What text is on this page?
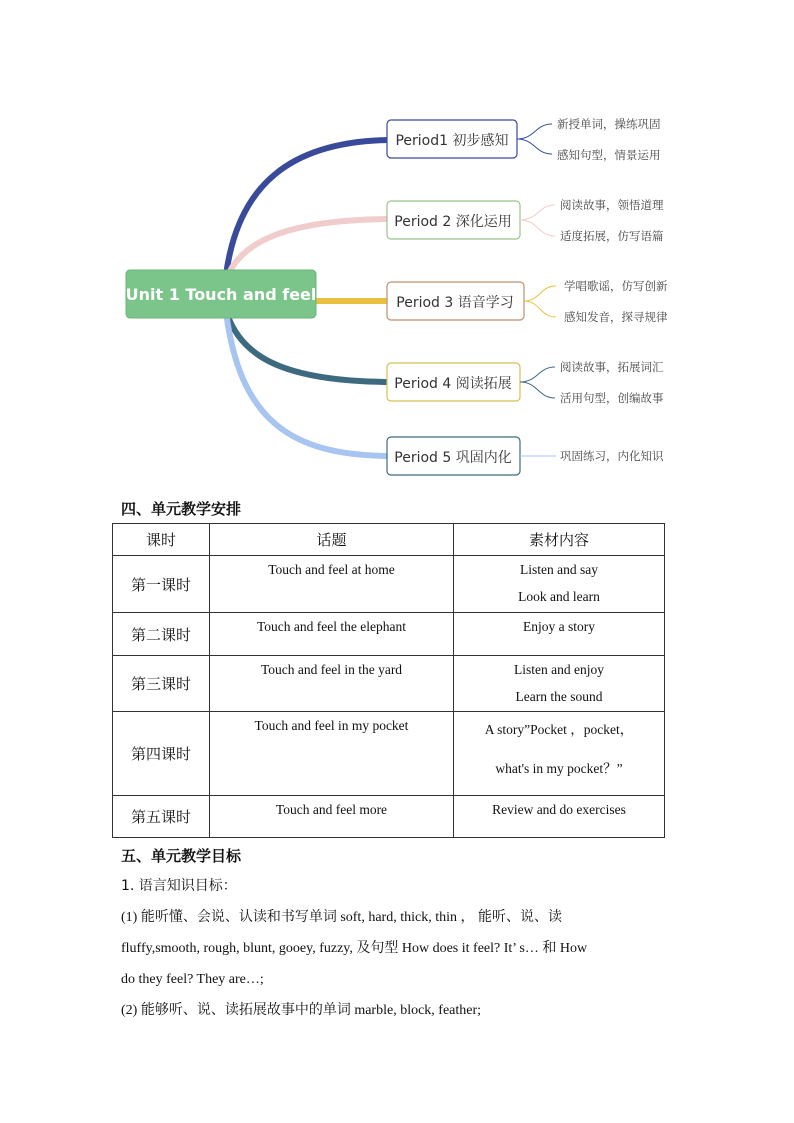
Unit 1 Touch and feel
Period1 初步感知
Period 2 深化运用
Period 3 语音学习
Period 4 阅读拓展
Period 5 巩固内化
新授单词，操练巩固
感知句型，情景运用
阅读故事，领悟道理
适度拓展，仿写语篇
学唱歌谣，仿写创新
感知发音，探寻规律
阅读故事，拓展词汇
活用句型，创编故事
巩固练习，内化知识
四、单元教学安排
课时	话题	素材内容
第一课时	Touch and feel at home	Listen and say
Look and learn

第二课时	Touch and feel the elephant	Enjoy a story

第三课时	Touch and feel in the yard	Listen and enjoy
Learn the sound

第四课时	Touch and feel in my pocket	A story”Pocket ，pocket，
what's in my pocket？”

第五课时	Touch and feel more	Review and do exercises
五、单元教学目标
1. 语言知识目标：
(1) 能听懂、会说、认读和书写单词 soft, hard, thick, thin ， 能听、说、读
fluffy,smooth, rough, blunt, gooey, fuzzy, 及句型 How does it feel? It’ s… 和 How
do they feel? They are…;
(2) 能够听、说、读拓展故事中的单词 marble, block, feather;
